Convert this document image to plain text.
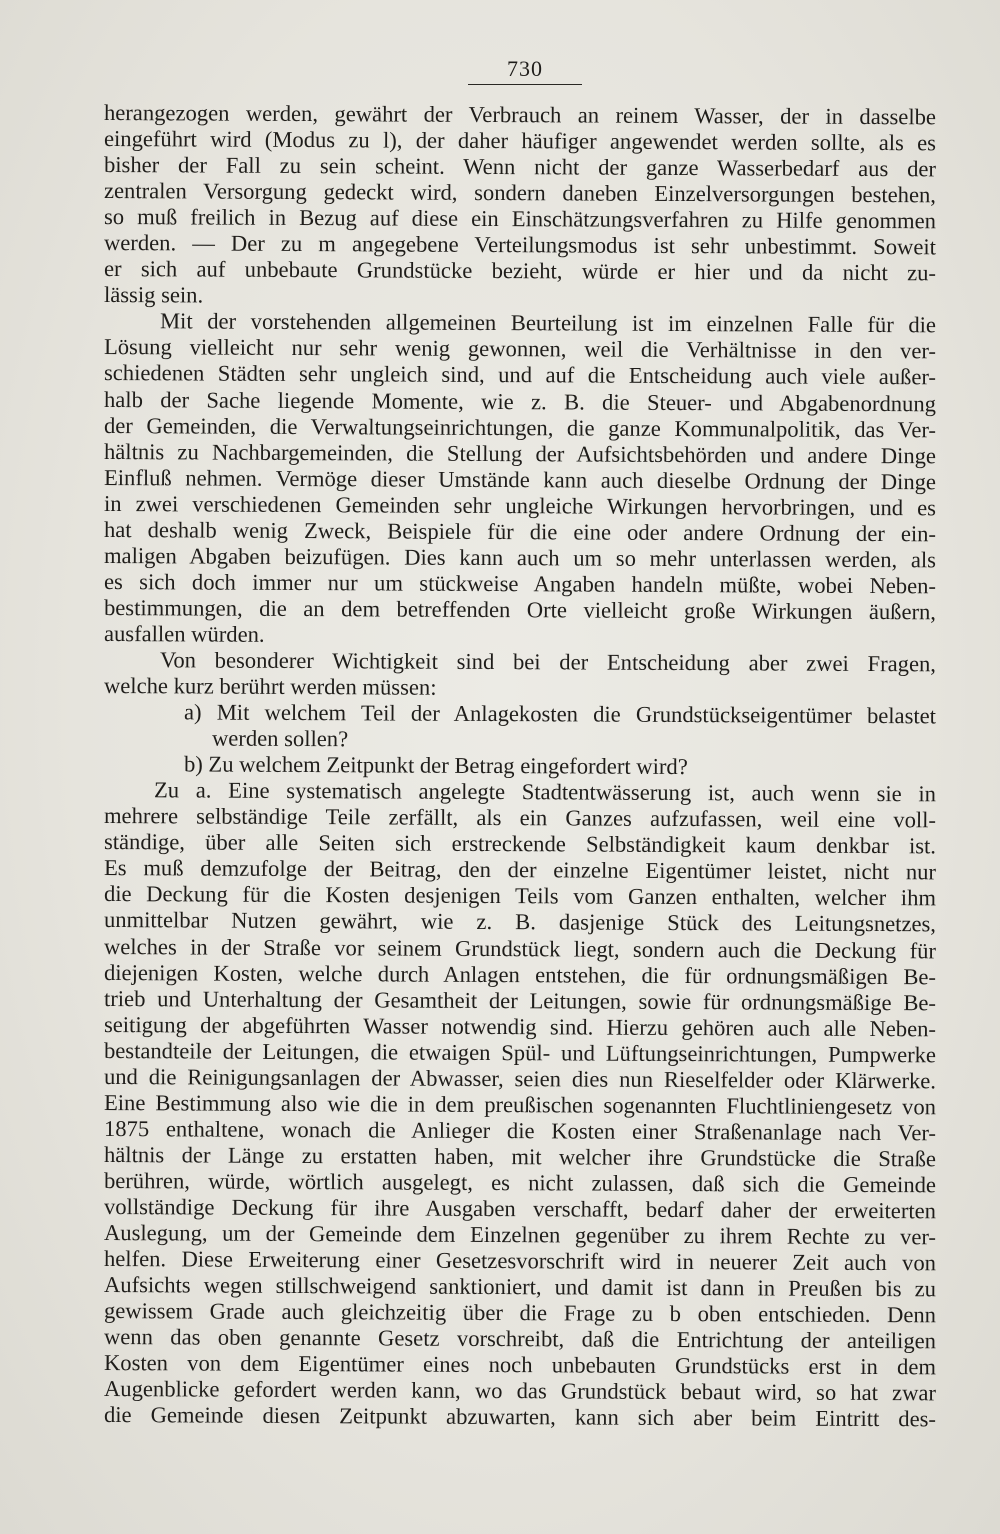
730
herangezogen werden, gewährt der Verbrauch an reinem Wasser, der in dasselbe
eingeführt wird (Modus zu l), der daher häufiger angewendet werden sollte, als es
bisher der Fall zu sein scheint. Wenn nicht der ganze Wasserbedarf aus der
zentralen Versorgung gedeckt wird, sondern daneben Einzelversorgungen bestehen,
so muß freilich in Bezug auf diese ein Einschätzungsverfahren zu Hilfe genommen
werden. — Der zu m angegebene Verteilungsmodus ist sehr unbestimmt. Soweit
er sich auf unbebaute Grundstücke bezieht, würde er hier und da nicht zu-
lässig sein.
Mit der vorstehenden allgemeinen Beurteilung ist im einzelnen Falle für die
Lösung vielleicht nur sehr wenig gewonnen, weil die Verhältnisse in den ver-
schiedenen Städten sehr ungleich sind, und auf die Entscheidung auch viele außer-
halb der Sache liegende Momente, wie z. B. die Steuer- und Abgabenordnung
der Gemeinden, die Verwaltungseinrichtungen, die ganze Kommunalpolitik, das Ver-
hältnis zu Nachbargemeinden, die Stellung der Aufsichtsbehörden und andere Dinge
Einfluß nehmen. Vermöge dieser Umstände kann auch dieselbe Ordnung der Dinge
in zwei verschiedenen Gemeinden sehr ungleiche Wirkungen hervorbringen, und es
hat deshalb wenig Zweck, Beispiele für die eine oder andere Ordnung der ein-
maligen Abgaben beizufügen. Dies kann auch um so mehr unterlassen werden, als
es sich doch immer nur um stückweise Angaben handeln müßte, wobei Neben-
bestimmungen, die an dem betreffenden Orte vielleicht große Wirkungen äußern,
ausfallen würden.
Von besonderer Wichtigkeit sind bei der Entscheidung aber zwei Fragen,
welche kurz berührt werden müssen:
a) Mit welchem Teil der Anlagekosten die Grundstückseigentümer belastet
werden sollen?
b) Zu welchem Zeitpunkt der Betrag eingefordert wird?
Zu a. Eine systematisch angelegte Stadtentwässerung ist, auch wenn sie in
mehrere selbständige Teile zerfällt, als ein Ganzes aufzufassen, weil eine voll-
ständige, über alle Seiten sich erstreckende Selbständigkeit kaum denkbar ist.
Es muß demzufolge der Beitrag, den der einzelne Eigentümer leistet, nicht nur
die Deckung für die Kosten desjenigen Teils vom Ganzen enthalten, welcher ihm
unmittelbar Nutzen gewährt, wie z. B. dasjenige Stück des Leitungsnetzes,
welches in der Straße vor seinem Grundstück liegt, sondern auch die Deckung für
diejenigen Kosten, welche durch Anlagen entstehen, die für ordnungsmäßigen Be-
trieb und Unterhaltung der Gesamtheit der Leitungen, sowie für ordnungsmäßige Be-
seitigung der abgeführten Wasser notwendig sind. Hierzu gehören auch alle Neben-
bestandteile der Leitungen, die etwaigen Spül- und Lüftungseinrichtungen, Pumpwerke
und die Reinigungsanlagen der Abwasser, seien dies nun Rieselfelder oder Klärwerke.
Eine Bestimmung also wie die in dem preußischen sogenannten Fluchtliniengesetz von
1875 enthaltene, wonach die Anlieger die Kosten einer Straßenanlage nach Ver-
hältnis der Länge zu erstatten haben, mit welcher ihre Grundstücke die Straße
berühren, würde, wörtlich ausgelegt, es nicht zulassen, daß sich die Gemeinde
vollständige Deckung für ihre Ausgaben verschafft, bedarf daher der erweiterten
Auslegung, um der Gemeinde dem Einzelnen gegenüber zu ihrem Rechte zu ver-
helfen. Diese Erweiterung einer Gesetzesvorschrift wird in neuerer Zeit auch von
Aufsichts wegen stillschweigend sanktioniert, und damit ist dann in Preußen bis zu
gewissem Grade auch gleichzeitig über die Frage zu b oben entschieden. Denn
wenn das oben genannte Gesetz vorschreibt, daß die Entrichtung der anteiligen
Kosten von dem Eigentümer eines noch unbebauten Grundstücks erst in dem
Augenblicke gefordert werden kann, wo das Grundstück bebaut wird, so hat zwar
die Gemeinde diesen Zeitpunkt abzuwarten, kann sich aber beim Eintritt des-
